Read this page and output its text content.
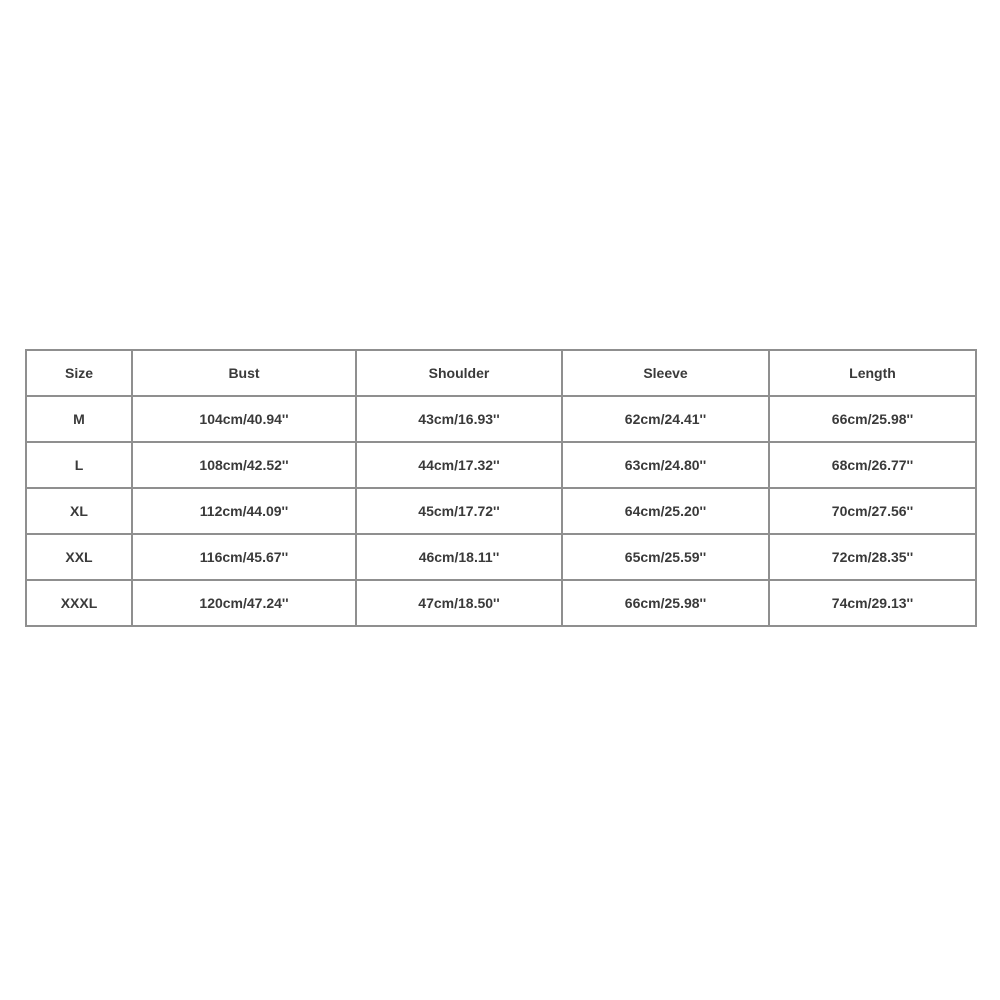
Size	Bust	Shoulder	Sleeve	Length
M	104cm/40.94''	43cm/16.93''	62cm/24.41''	66cm/25.98''
L	108cm/42.52''	44cm/17.32''	63cm/24.80''	68cm/26.77''
XL	112cm/44.09''	45cm/17.72''	64cm/25.20''	70cm/27.56''
XXL	116cm/45.67''	46cm/18.11''	65cm/25.59''	72cm/28.35''
XXXL	120cm/47.24''	47cm/18.50''	66cm/25.98''	74cm/29.13''
